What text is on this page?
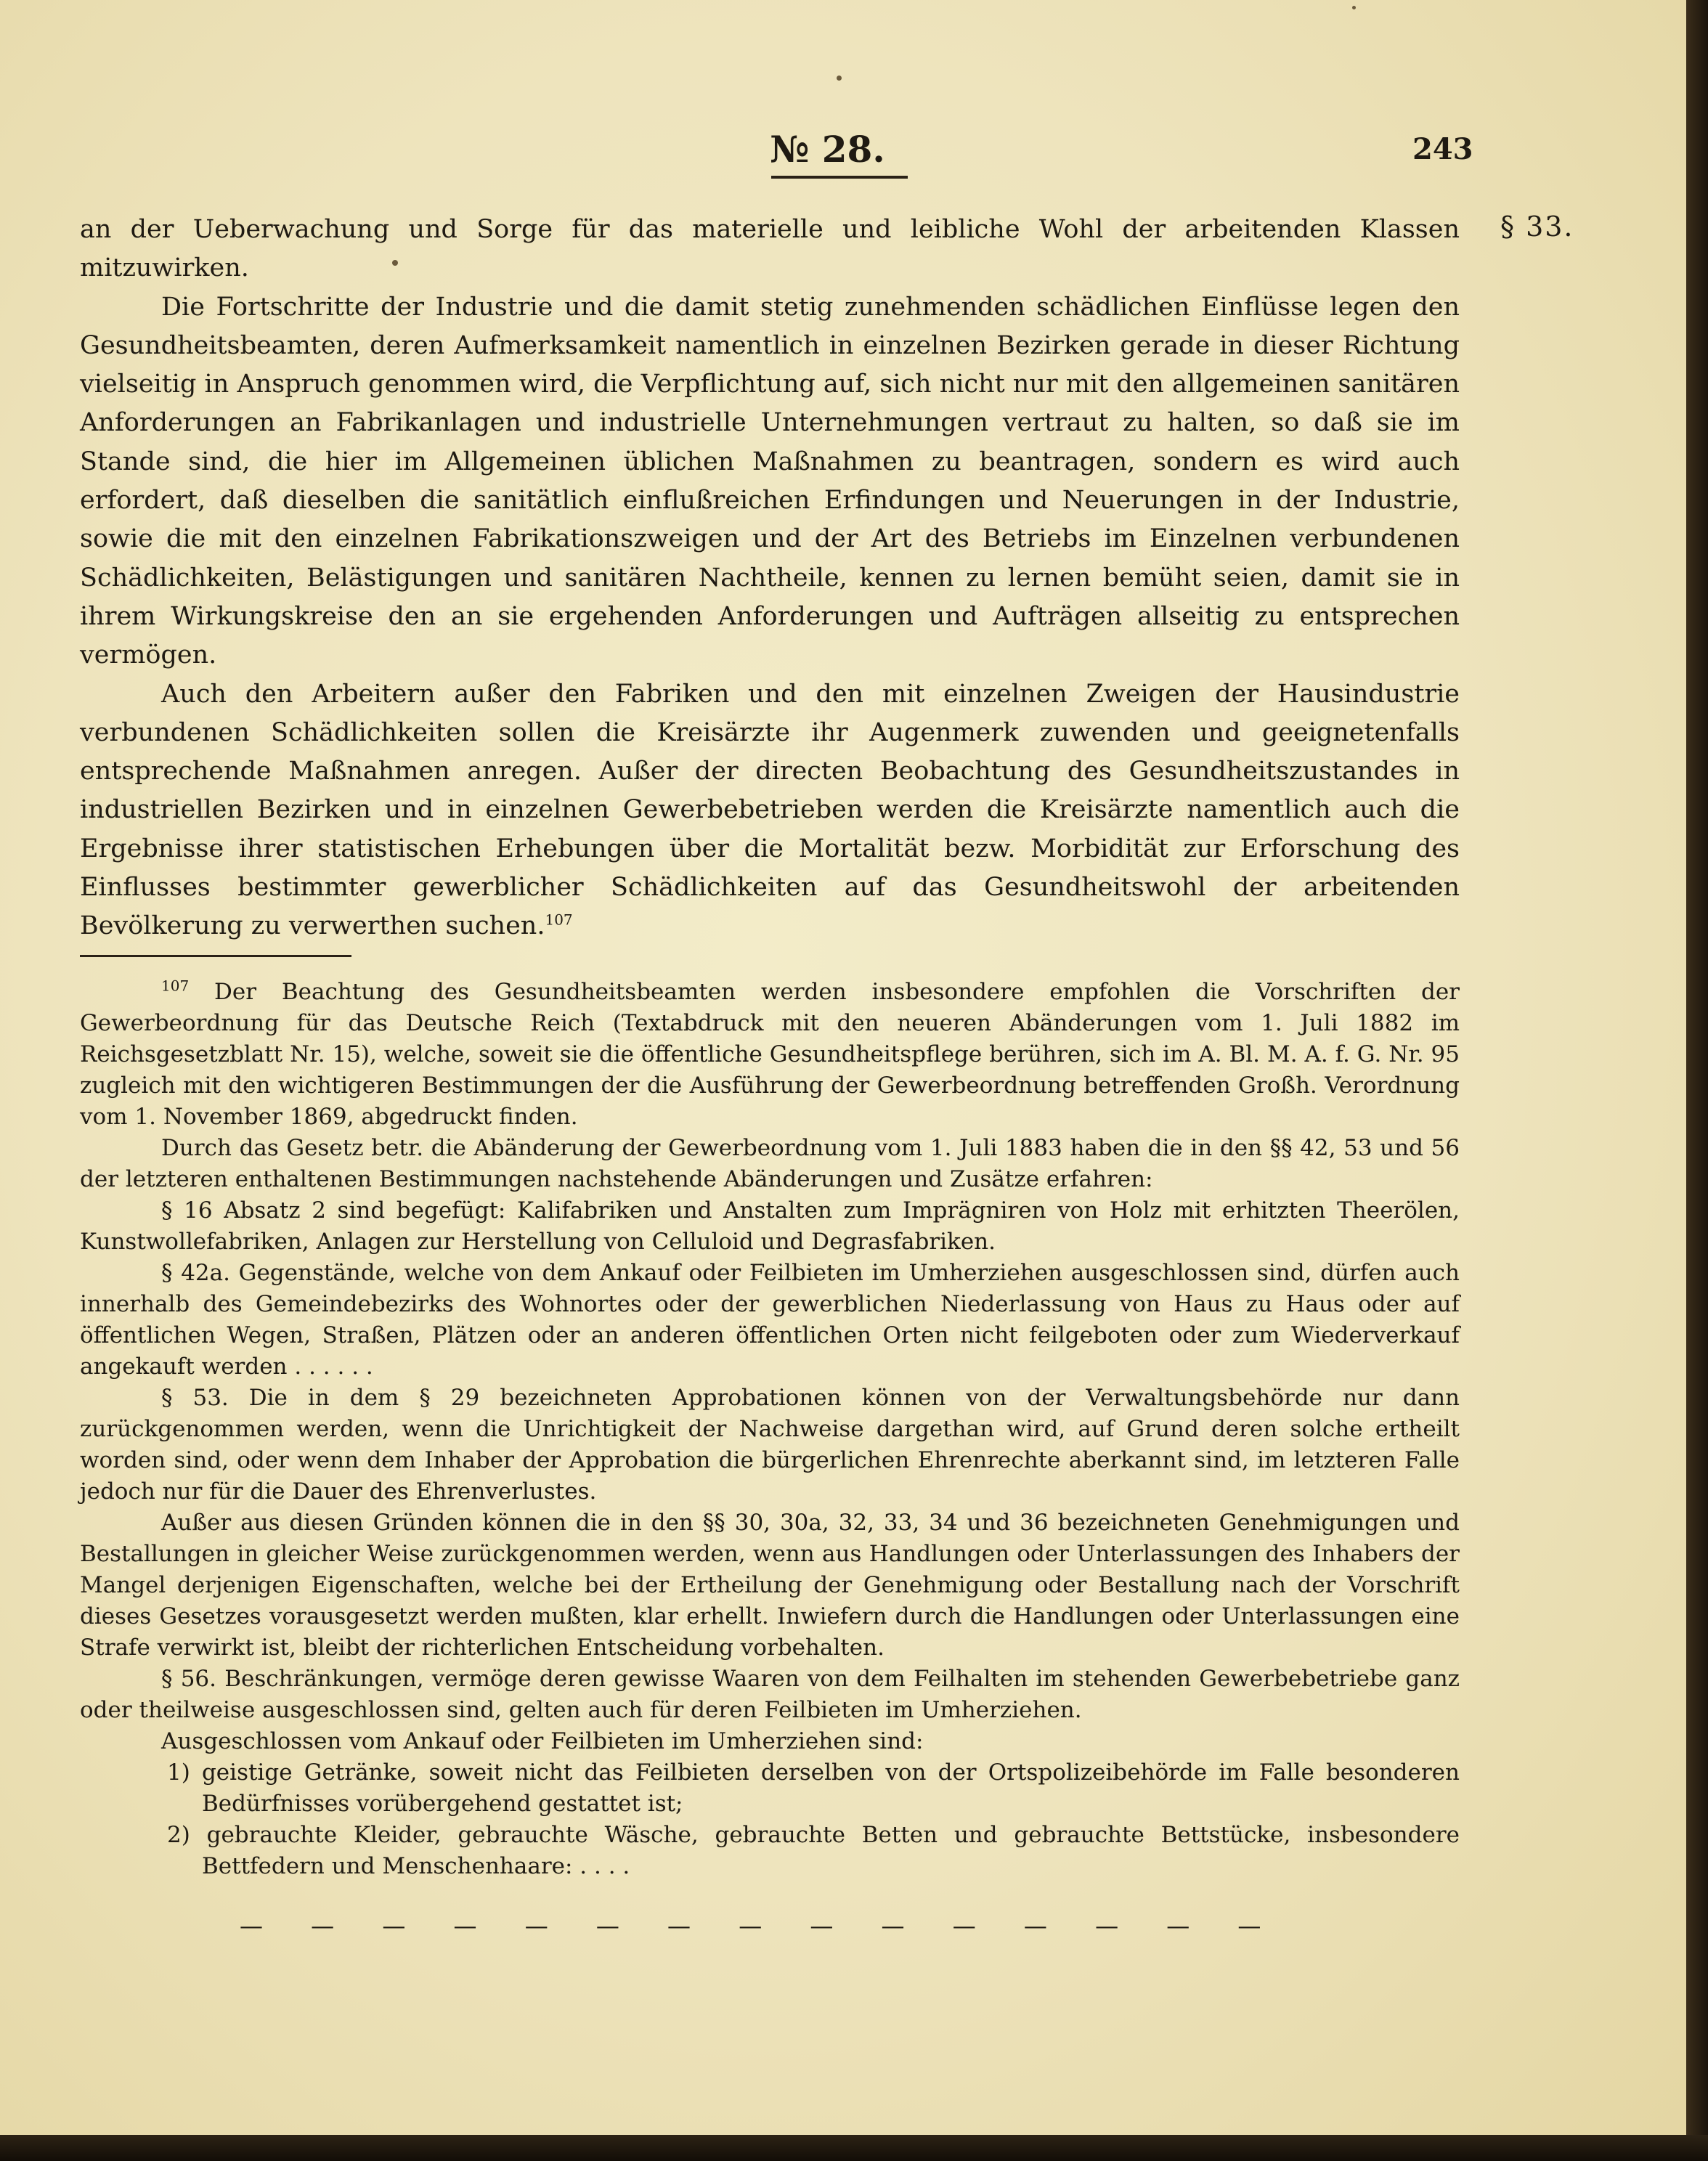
№ 28.	243
§ 33.

an der Ueberwachung und Sorge für das materielle und leibliche Wohl der arbeitenden Klassen mitzuwirken.

Die Fortschritte der Industrie und die damit stetig zunehmenden schädlichen Einflüsse legen den Gesundheitsbeamten, deren Aufmerksamkeit namentlich in einzelnen Bezirken gerade in dieser Richtung vielseitig in Anspruch genommen wird, die Verpflichtung auf, sich nicht nur mit den allgemeinen sanitären Anforderungen an Fabrikanlagen und industrielle Unternehmungen vertraut zu halten, so daß sie im Stande sind, die hier im Allgemeinen üblichen Maßnahmen zu beantragen, sondern es wird auch erfordert, daß dieselben die sanitätlich einflußreichen Erfindungen und Neuerungen in der Industrie, sowie die mit den einzelnen Fabrikationszweigen und der Art des Betriebs im Einzelnen verbundenen Schädlichkeiten, Belästigungen und sanitären Nachtheile, kennen zu lernen bemüht seien, damit sie in ihrem Wirkungskreise den an sie ergehenden Anforderungen und Aufträgen allseitig zu entsprechen vermögen.

Auch den Arbeitern außer den Fabriken und den mit einzelnen Zweigen der Hausindustrie verbundenen Schädlichkeiten sollen die Kreisärzte ihr Augenmerk zuwenden und geeignetenfalls entsprechende Maßnahmen anregen. Außer der directen Beobachtung des Gesundheitszustandes in industriellen Bezirken und in einzelnen Gewerbebetrieben werden die Kreisärzte namentlich auch die Ergebnisse ihrer statistischen Erhebungen über die Mortalität bezw. Morbidität zur Erforschung des Einflusses bestimmter gewerblicher Schädlichkeiten auf das Gesundheitswohl der arbeitenden Bevölkerung zu verwerthen suchen.$^{107}$

$^{107}$ Der Beachtung des Gesundheitsbeamten werden insbesondere empfohlen die Vorschriften der Gewerbeordnung für das Deutsche Reich (Textabdruck mit den neueren Abänderungen vom 1. Juli 1882 im Reichsgesetzblatt Nr. 15), welche, soweit sie die öffentliche Gesundheitspflege berühren, sich im A. Bl. M. A. f. G. Nr. 95 zugleich mit den wichtigeren Bestimmungen der die Ausführung der Gewerbeordnung betreffenden Großh. Verordnung vom 1. November 1869, abgedruckt finden.

Durch das Gesetz betr. die Abänderung der Gewerbeordnung vom 1. Juli 1883 haben die in den §§ 42, 53 und 56 der letzteren enthaltenen Bestimmungen nachstehende Abänderungen und Zusätze erfahren:

§ 16 Absatz 2 sind begefügt: Kalifabriken und Anstalten zum Imprägniren von Holz mit erhitzten Theerölen, Kunstwollefabriken, Anlagen zur Herstellung von Celluloid und Degrasfabriken.

§ 42a. Gegenstände, welche von dem Ankauf oder Feilbieten im Umherziehen ausgeschlossen sind, dürfen auch innerhalb des Gemeindebezirks des Wohnortes oder der gewerblichen Niederlassung von Haus zu Haus oder auf öffentlichen Wegen, Straßen, Plätzen oder an anderen öffentlichen Orten nicht feilgeboten oder zum Wiederverkauf angekauft werden . . . . . .

§ 53. Die in dem § 29 bezeichneten Approbationen können von der Verwaltungsbehörde nur dann zurückgenommen werden, wenn die Unrichtigkeit der Nachweise dargethan wird, auf Grund deren solche ertheilt worden sind, oder wenn dem Inhaber der Approbation die bürgerlichen Ehrenrechte aberkannt sind, im letzteren Falle jedoch nur für die Dauer des Ehrenverlustes.

Außer aus diesen Gründen können die in den §§ 30, 30a, 32, 33, 34 und 36 bezeichneten Genehmigungen und Bestallungen in gleicher Weise zurückgenommen werden, wenn aus Handlungen oder Unterlassungen des Inhabers der Mangel derjenigen Eigenschaften, welche bei der Ertheilung der Genehmigung oder Bestallung nach der Vorschrift dieses Gesetzes vorausgesetzt werden mußten, klar erhellt. Inwiefern durch die Handlungen oder Unterlassungen eine Strafe verwirkt ist, bleibt der richterlichen Entscheidung vorbehalten.

§ 56. Beschränkungen, vermöge deren gewisse Waaren von dem Feilhalten im stehenden Gewerbebetriebe ganz oder theilweise ausgeschlossen sind, gelten auch für deren Feilbieten im Umherziehen.

Ausgeschlossen vom Ankauf oder Feilbieten im Umherziehen sind:

1) geistige Getränke, soweit nicht das Feilbieten derselben von der Ortspolizeibehörde im Falle besonderen Bedürfnisses vorübergehend gestattet ist;

2) gebrauchte Kleider, gebrauchte Wäsche, gebrauchte Betten und gebrauchte Bettstücke, insbesondere Bettfedern und Menschenhaare: . . . .

— — — — — — — — — — — — — — —
